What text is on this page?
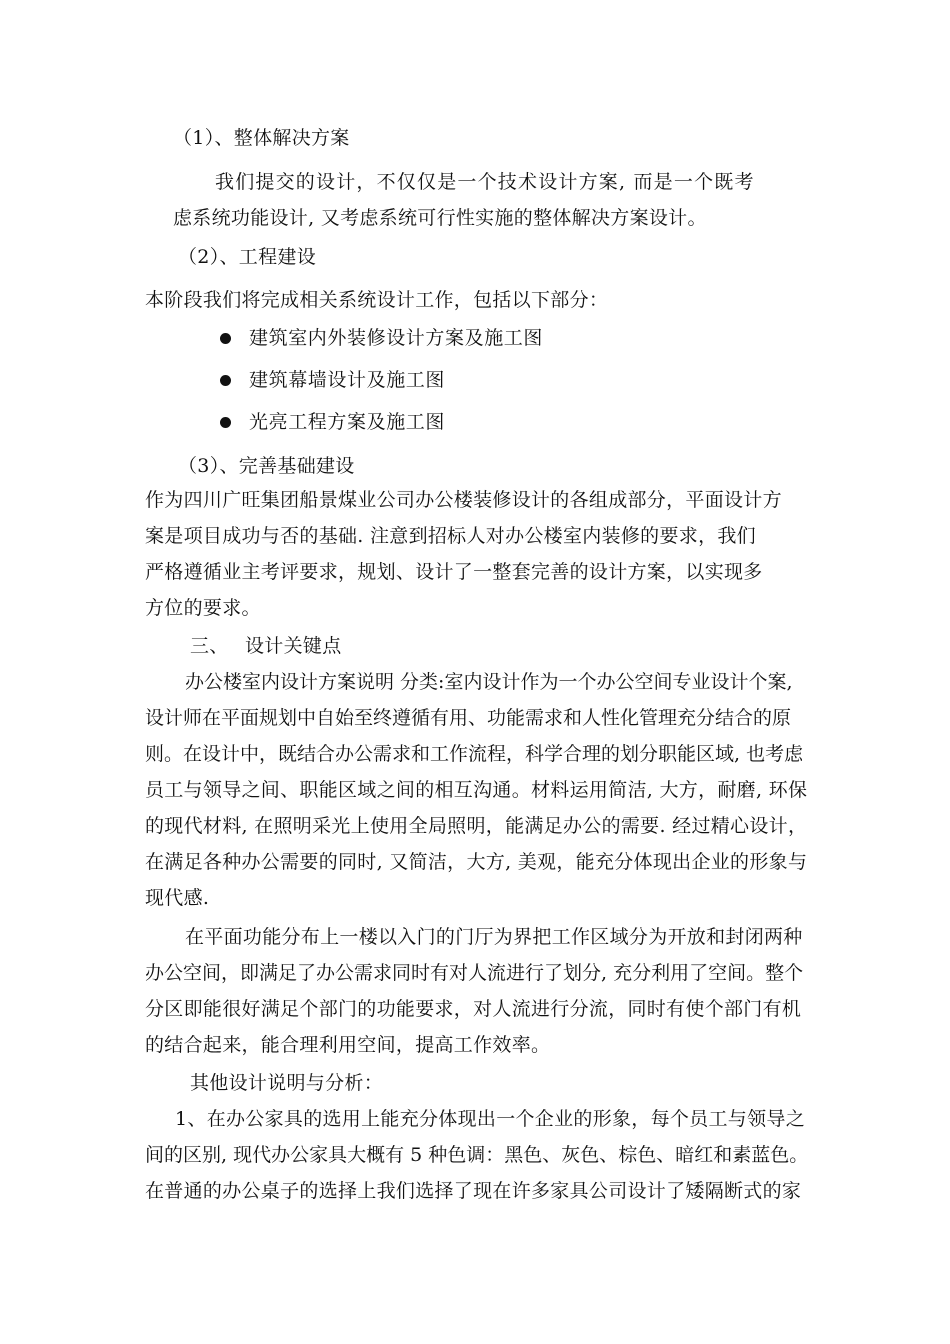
（1）、整体解决方案
我们提交的设计，不仅仅是一个技术设计方案, 而是一个既考
虑系统功能设计, 又考虑系统可行性实施的整体解决方案设计。
（2）、工程建设
本阶段我们将完成相关系统设计工作，包括以下部分：
建筑室内外装修设计方案及施工图
建筑幕墙设计及施工图
光亮工程方案及施工图
（3）、完善基础建设
作为四川广旺集团船景煤业公司办公楼装修设计的各组成部分，平面设计方
案是项目成功与否的基础. 注意到招标人对办公楼室内装修的要求，我们
严格遵循业主考评要求，规划、设计了一整套完善的设计方案，以实现多
方位的要求。
三、 设计关键点
办公楼室内设计方案说明 分类:室内设计作为一个办公空间专业设计个案,
设计师在平面规划中自始至终遵循有用、功能需求和人性化管理充分结合的原
则。在设计中，既结合办公需求和工作流程，科学合理的划分职能区域, 也考虑
员工与领导之间、职能区域之间的相互沟通。材料运用简洁, 大方，耐磨, 环保
的现代材料, 在照明采光上使用全局照明，能满足办公的需要. 经过精心设计，
在满足各种办公需要的同时, 又简洁，大方, 美观，能充分体现出企业的形象与
现代感.
在平面功能分布上一楼以入门的门厅为界把工作区域分为开放和封闭两种
办公空间，即满足了办公需求同时有对人流进行了划分, 充分利用了空间。整个
分区即能很好满足个部门的功能要求，对人流进行分流，同时有使个部门有机
的结合起来，能合理利用空间，提高工作效率。
其他设计说明与分析：
1、在办公家具的选用上能充分体现出一个企业的形象，每个员工与领导之
间的区别, 现代办公家具大概有 5 种色调：黑色、灰色、棕色、暗红和素蓝色。
在普通的办公桌子的选择上我们选择了现在许多家具公司设计了矮隔断式的家
